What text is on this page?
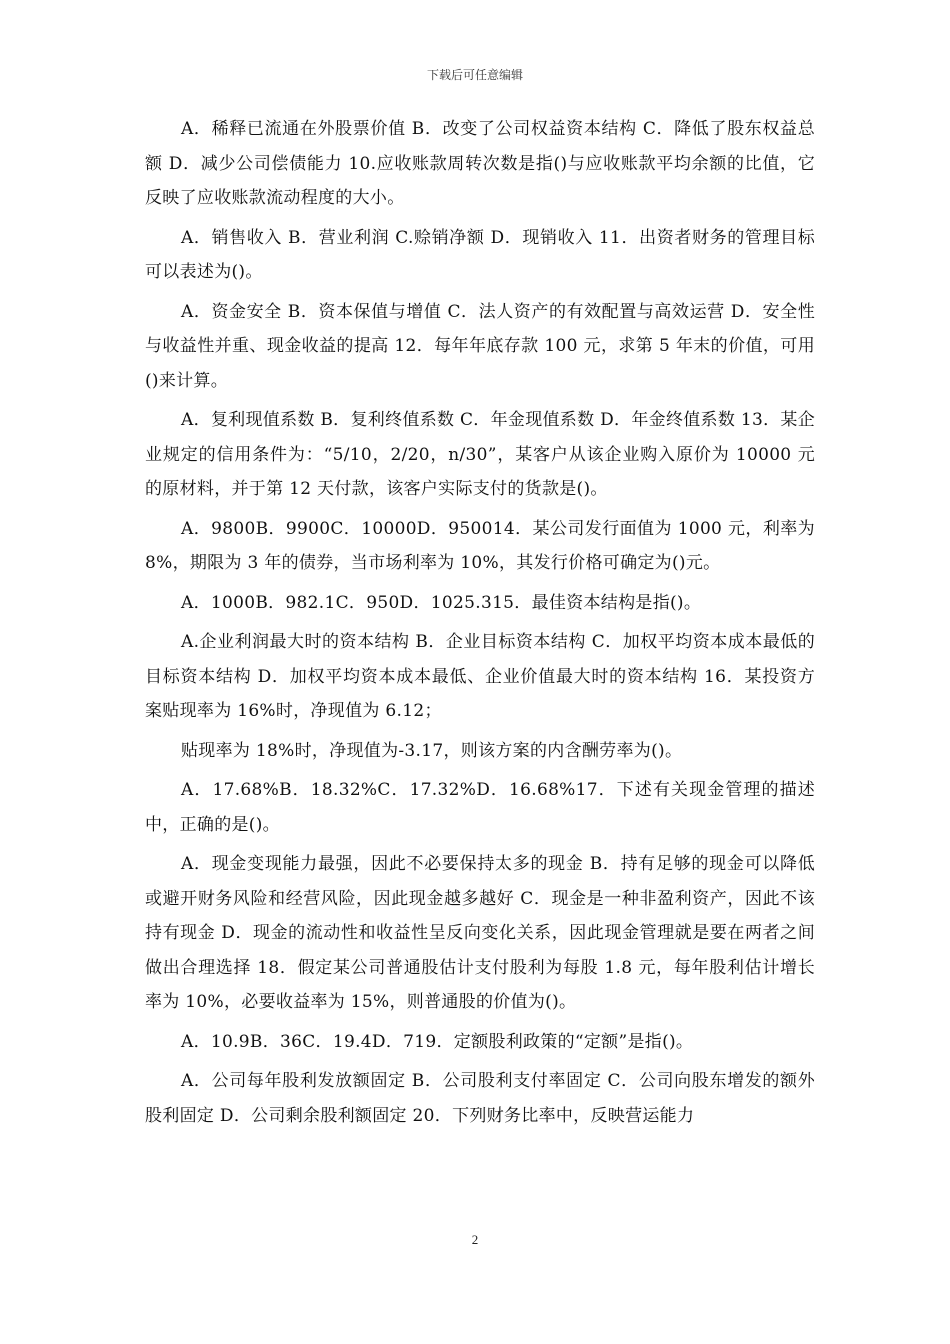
下载后可任意编辑

A．稀释已流通在外股票价值 B．改变了公司权益资本结构 C．降低了股东权益总额 D．减少公司偿债能力 10.应收账款周转次数是指()与应收账款平均余额的比值，它反映了应收账款流动程度的大小。

A．销售收入 B．营业利润 C.赊销净额 D．现销收入 11．出资者财务的管理目标可以表述为()。

A．资金安全 B．资本保值与增值 C．法人资产的有效配置与高效运营 D．安全性与收益性并重、现金收益的提高 12．每年年底存款 100 元，求第 5 年末的价值，可用()来计算。

A．复利现值系数 B．复利终值系数 C．年金现值系数 D．年金终值系数 13．某企业规定的信用条件为：“5/10，2/20，n/30”，某客户从该企业购入原价为 10000 元的原材料，并于第 12 天付款，该客户实际支付的货款是()。

A．9800B．9900C．10000D．950014．某公司发行面值为 1000 元，利率为 8%，期限为 3 年的债券，当市场利率为 10%，其发行价格可确定为()元。

A．1000B．982.1C．950D．1025.315．最佳资本结构是指()。

A.企业利润最大时的资本结构 B．企业目标资本结构 C．加权平均资本成本最低的目标资本结构 D．加权平均资本成本最低、企业价值最大时的资本结构 16．某投资方案贴现率为 16%时，净现值为 6.12；

贴现率为 18%时，净现值为-3.17，则该方案的内含酬劳率为()。

A．17.68%B．18.32%C．17.32%D．16.68%17．下述有关现金管理的描述中，正确的是()。

A．现金变现能力最强，因此不必要保持太多的现金 B．持有足够的现金可以降低或避开财务风险和经营风险，因此现金越多越好 C．现金是一种非盈利资产，因此不该持有现金 D．现金的流动性和收益性呈反向变化关系，因此现金管理就是要在两者之间做出合理选择 18．假定某公司普通股估计支付股利为每股 1.8 元，每年股利估计增长率为 10%，必要收益率为 15%，则普通股的价值为()。

A．10.9B．36C．19.4D．719．定额股利政策的“定额”是指()。

A．公司每年股利发放额固定 B．公司股利支付率固定 C．公司向股东增发的额外股利固定 D．公司剩余股利额固定 20．下列财务比率中，反映营运能力

2
